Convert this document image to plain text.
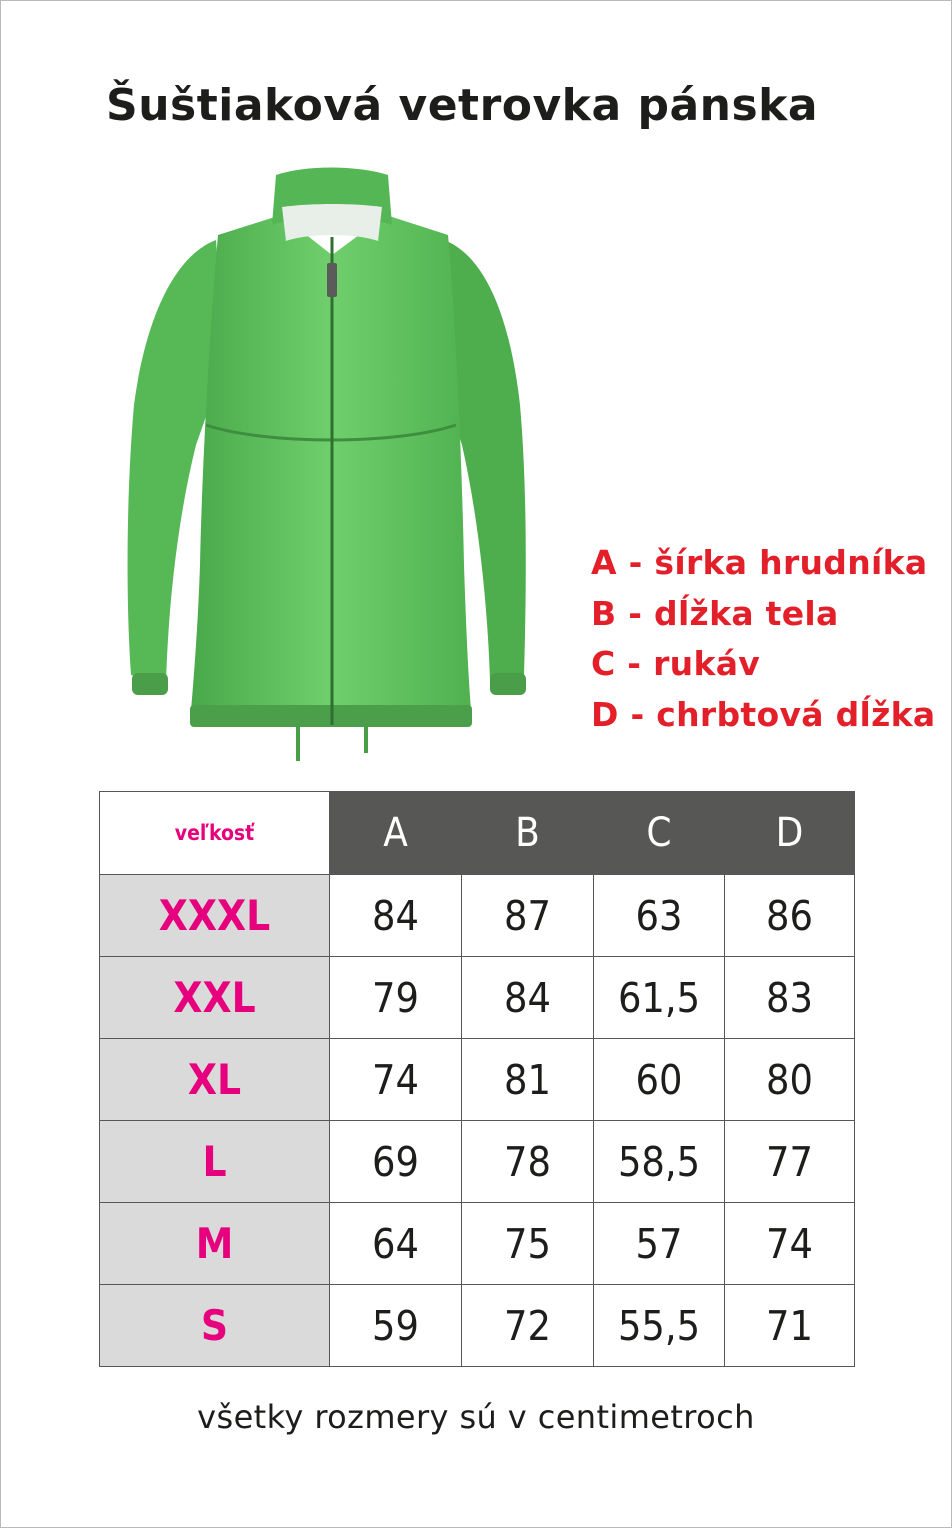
Šuštiaková vetrovka pánska
A - šírka hrudníka
B - dĺžka tela
C - rukáv
D - chrbtová dĺžka
veľkosť	A	B	C	D
XXXL	84	87	63	86
XXL	79	84	61,5	83
XL	74	81	60	80
L	69	78	58,5	77
M	64	75	57	74
S	59	72	55,5	71
všetky rozmery sú v centimetroch
